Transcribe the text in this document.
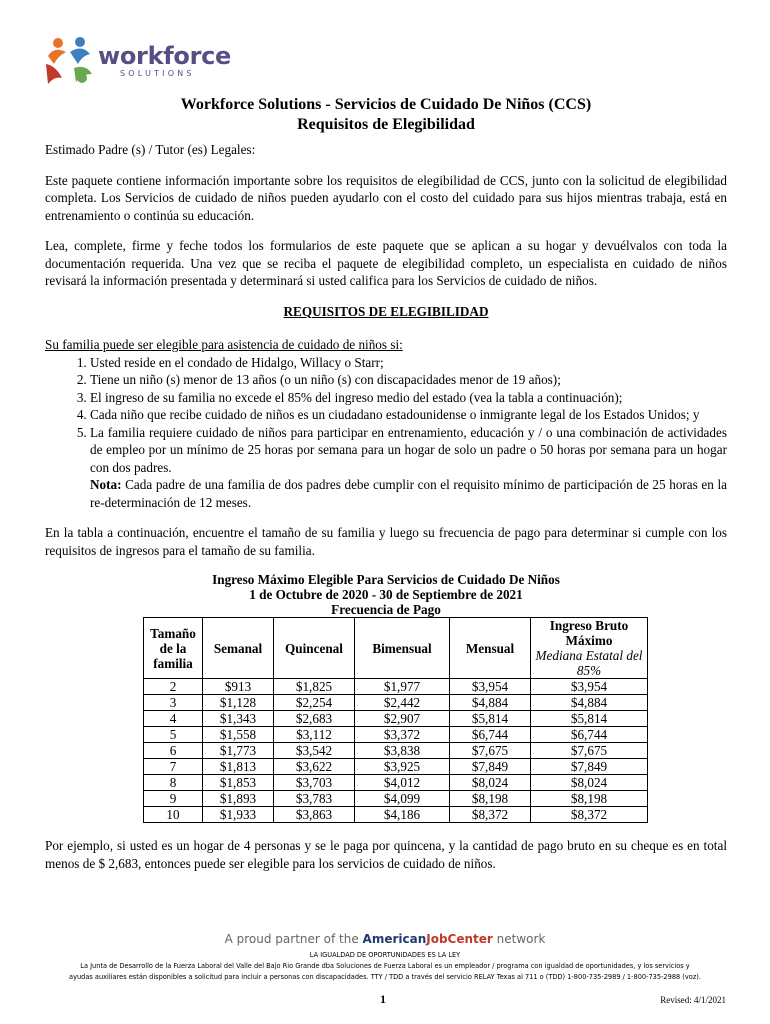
workforce
SOLUTIONS
Workforce Solutions - Servicios de Cuidado De Niños (CCS)
Requisitos de Elegibilidad

Estimado Padre (s) / Tutor (es) Legales:

Este paquete contiene información importante sobre los requisitos de elegibilidad de CCS, junto con la solicitud de elegibilidad completa. Los Servicios de cuidado de niños pueden ayudarlo con el costo del cuidado para sus hijos mientras trabaja, está en entrenamiento o continúa su educación.

Lea, complete, firme y feche todos los formularios de este paquete que se aplican a su hogar y devuélvalos con toda la documentación requerida. Una vez que se reciba el paquete de elegibilidad completo, un especialista en cuidado de niños revisará la información presentada y determinará si usted califica para los Servicios de cuidado de niños.

REQUISITOS DE ELEGIBILIDAD
Su familia puede ser elegible para asistencia de cuidado de niños si:
1. Usted reside en el condado de Hidalgo, Willacy o Starr;
2. Tiene un niño (s) menor de 13 años (o un niño (s) con discapacidades menor de 19 años);
3. El ingreso de su familia no excede el 85% del ingreso medio del estado (vea la tabla a continuación);
4. Cada niño que recibe cuidado de niños es un ciudadano estadounidense o inmigrante legal de los Estados Unidos; y
5. La familia requiere cuidado de niños para participar en entrenamiento, educación y / o una combinación de actividades de empleo por un mínimo de 25 horas por semana para un hogar de solo un padre o 50 horas por semana para un hogar con dos padres.
Nota: Cada padre de una familia de dos padres debe cumplir con el requisito mínimo de participación de 25 horas en la re-determinación de 12 meses.

En la tabla a continuación, encuentre el tamaño de su familia y luego su frecuencia de pago para determinar si cumple con los requisitos de ingresos para el tamaño de su familia.

Ingreso Máximo Elegible Para Servicios de Cuidado De Niños
1 de Octubre de 2020 - 30 de Septiembre de 2021
Frecuencia de Pago
Tamaño de la familia	Semanal	Quincenal	Bimensual	Mensual	Ingreso Bruto Máximo
Mediana Estatal del 85%

2	$913	$1,825	$1,977	$3,954	$3,954
3	$1,128	$2,254	$2,442	$4,884	$4,884
4	$1,343	$2,683	$2,907	$5,814	$5,814
5	$1,558	$3,112	$3,372	$6,744	$6,744
6	$1,773	$3,542	$3,838	$7,675	$7,675
7	$1,813	$3,622	$3,925	$7,849	$7,849
8	$1,853	$3,703	$4,012	$8,024	$8,024
9	$1,893	$3,783	$4,099	$8,198	$8,198
10	$1,933	$3,863	$4,186	$8,372	$8,372

Por ejemplo, si usted es un hogar de 4 personas y se le paga por quincena, y la cantidad de pago bruto en su cheque es en total menos de $ 2,683, entonces puede ser elegible para los servicios de cuidado de niños.

A proud partner of the AmericanJobCenter network
LA IGUALDAD DE OPORTUNIDADES ES LA LEY
La Junta de Desarrollo de la Fuerza Laboral del Valle del Bajo Rio Grande dba Soluciones de Fuerza Laboral es un empleador / programa con igualdad de oportunidades, y los servicios y
ayudas auxiliares están disponibles a solicitud para incluir a personas con discapacidades. TTY / TDD a través del servicio RELAY Texas al 711 o (TDD) 1-800-735-2989 / 1-800-735-2988 (voz).
1	Revised: 4/1/2021
